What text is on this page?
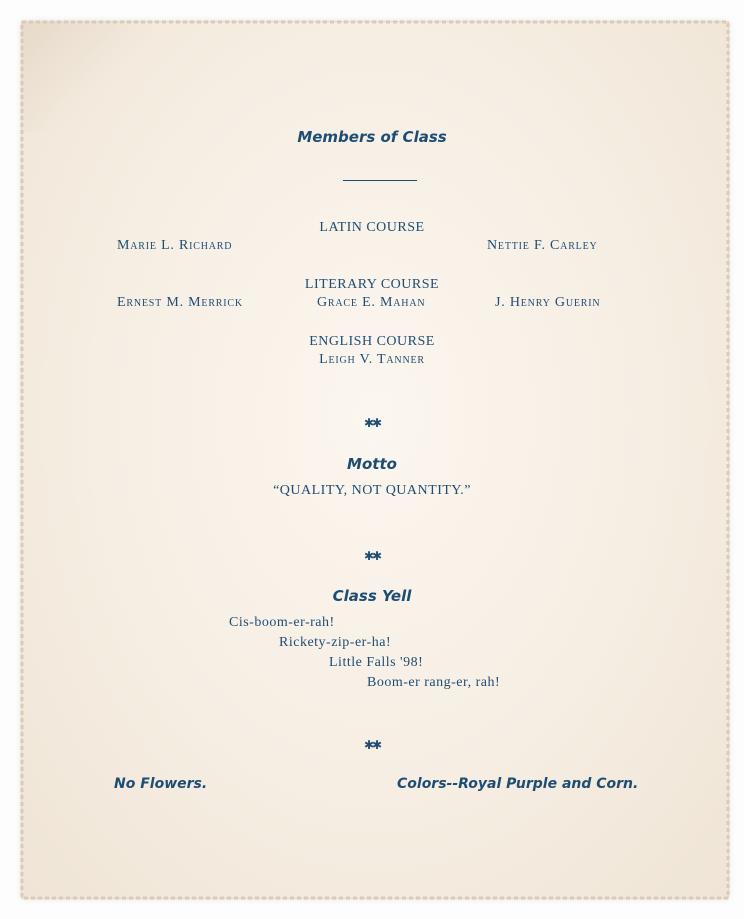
Members of Class

LATIN COURSE

Marie L. Richard	Nettie F. Carley

LITERARY COURSE

Ernest M. Merrick	Grace E. Mahan	J. Henry Guerin

ENGLISH COURSE

Leigh V. Tanner

✱✱

Motto

“QUALITY, NOT QUANTITY.”

✱✱

Class Yell

Cis-boom-er-rah!

Rickety-zip-er-ha!

Little Falls '98!

Boom-er rang-er, rah!

✱✱

No Flowers.	Colors--Royal Purple and Corn.
